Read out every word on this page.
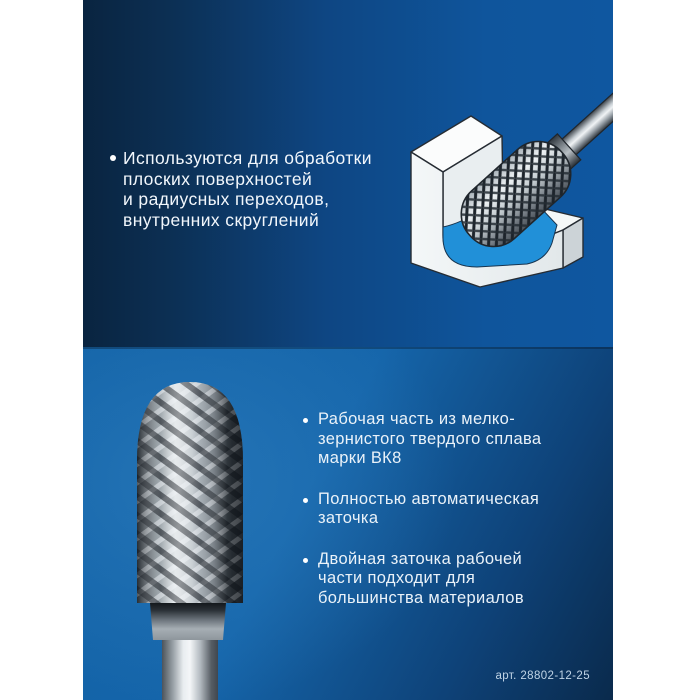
Используются для обработки
плоских поверхностей
и радиусных переходов,
внутренних скруглений
Рабочая часть из мелко-
зернистого твердого сплава
марки ВК8
Полностью автоматическая
заточка
Двойная заточка рабочей
части подходит для
большинства материалов
арт. 28802-12-25
